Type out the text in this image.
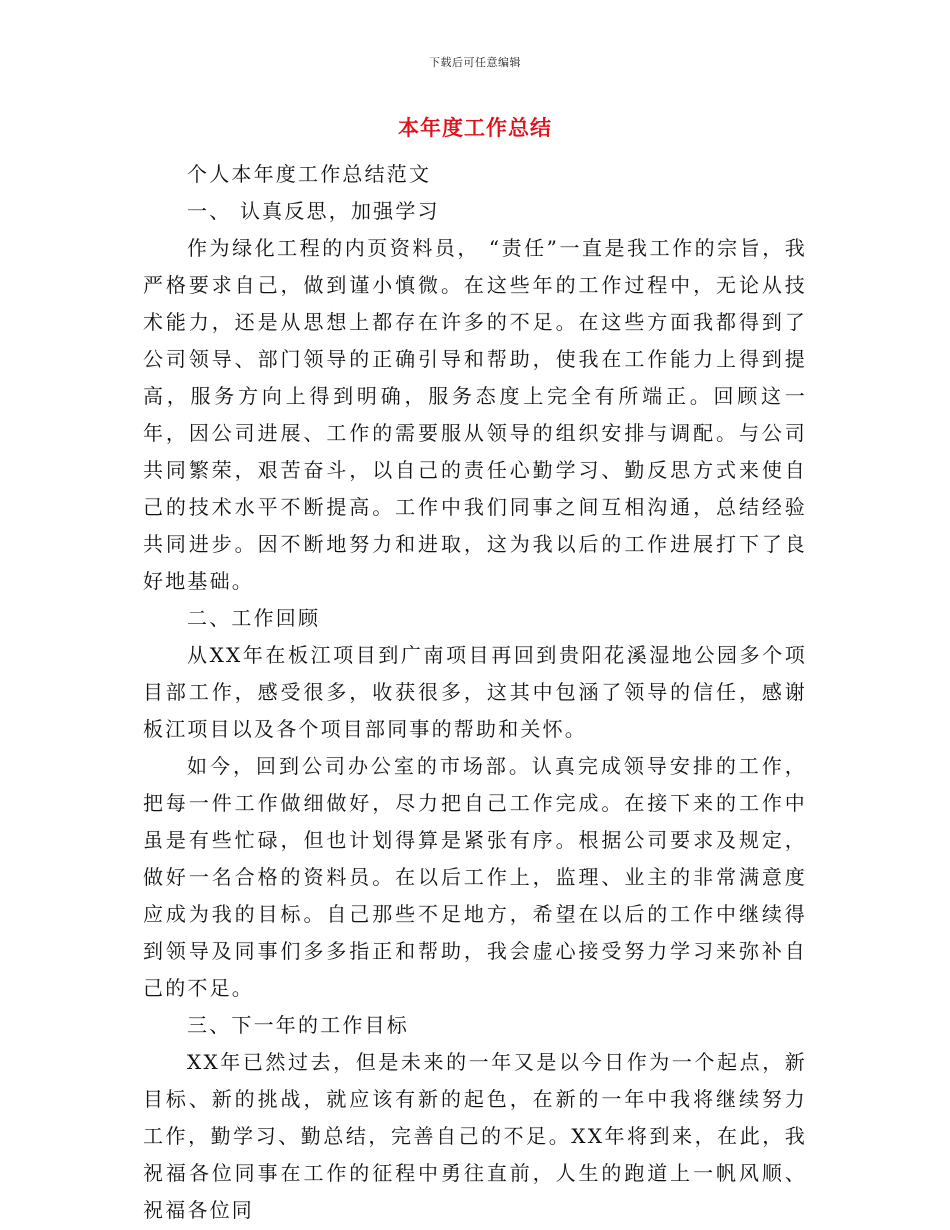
下载后可任意编辑
本年度工作总结

个人本年度工作总结范文

一、 认真反思，加强学习

作为绿化工程的内页资料员， “责任”一直是我工作的宗旨，我严格要求自己，做到谨小慎微。在这些年的工作过程中，无论从技术能力，还是从思想上都存在许多的不足。在这些方面我都得到了公司领导、部门领导的正确引导和帮助，使我在工作能力上得到提高，服务方向上得到明确，服务态度上完全有所端正。回顾这一年，因公司进展、工作的需要服从领导的组织安排与调配。与公司共同繁荣，艰苦奋斗，以自己的责任心勤学习、勤反思方式来使自己的技术水平不断提高。工作中我们同事之间互相沟通，总结经验共同进步。因不断地努力和进取，这为我以后的工作进展打下了良好地基础。

二、工作回顾

从XX年在板江项目到广南项目再回到贵阳花溪湿地公园多个项目部工作，感受很多，收获很多，这其中包涵了领导的信任，感谢板江项目以及各个项目部同事的帮助和关怀。

如今，回到公司办公室的市场部。认真完成领导安排的工作，把每一件工作做细做好，尽力把自己工作完成。在接下来的工作中虽是有些忙碌，但也计划得算是紧张有序。根据公司要求及规定，做好一名合格的资料员。在以后工作上，监理、业主的非常满意度应成为我的目标。自己那些不足地方，希望在以后的工作中继续得到领导及同事们多多指正和帮助，我会虚心接受努力学习来弥补自己的不足。

三、下一年的工作目标

XX年已然过去，但是未来的一年又是以今日作为一个起点，新目标、新的挑战，就应该有新的起色，在新的一年中我将继续努力工作，勤学习、勤总结，完善自己的不足。XX年将到来，在此，我祝福各位同事在工作的征程中勇往直前，人生的跑道上一帆风顺、祝福各位同
